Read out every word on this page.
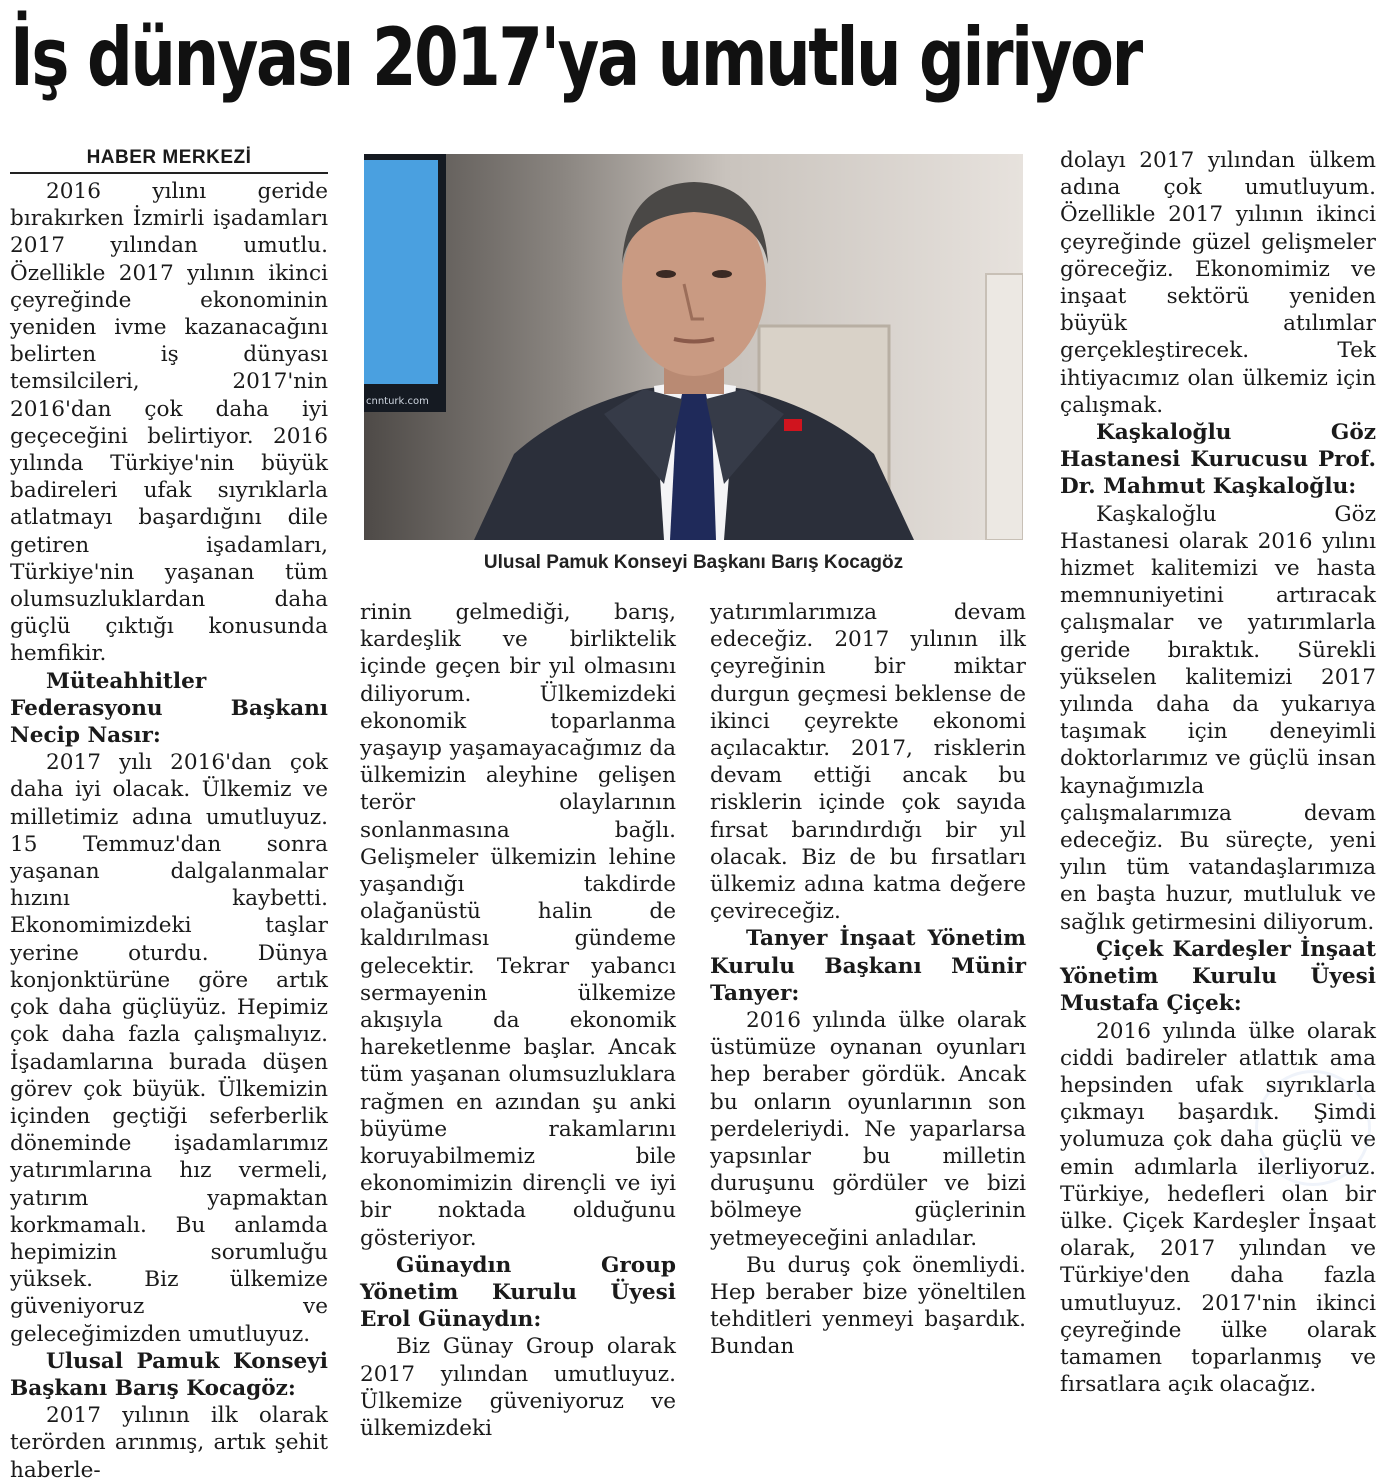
İş dünyası 2017'ya umutlu giriyor
HABER MERKEZİ

2016 yılını geride bırakırken İzmirli işadamları 2017 yılından umutlu. Özellikle 2017 yılının ikinci çeyreğinde ekonominin yeniden ivme kazanacağını belirten iş dünyası temsilcileri, 2017'nin 2016'dan çok daha iyi geçeceğini belirtiyor. 2016 yılında Türkiye'nin büyük badireleri ufak sıyrıklarla atlatmayı başardığını dile getiren işadamları, Türkiye'nin yaşanan tüm olumsuzluklardan daha güçlü çıktığı konusunda hemfikir.

Müteahhitler Federasyonu Başkanı Necip Nasır:

2017 yılı 2016'dan çok daha iyi olacak. Ülkemiz ve milletimiz adına umutluyuz. 15 Temmuz'dan sonra yaşanan dalgalanmalar hızını kaybetti. Ekonomimizdeki taşlar yerine oturdu. Dünya konjonktürüne göre artık çok daha güçlüyüz. Hepimiz çok daha fazla çalışmalıyız. İşadamlarına burada düşen görev çok büyük. Ülkemizin içinden geçtiği seferberlik döneminde işadamlarımız yatırımlarına hız vermeli, yatırım yapmaktan korkmamalı. Bu anlamda hepimizin sorumluğu yüksek. Biz ülkemize güveniyoruz ve geleceğimizden umutluyuz.

Ulusal Pamuk Konseyi Başkanı Barış Kocagöz:

2017 yılının ilk olarak terörden arınmış, artık şehit haberle-

cnnturk.com
Ulusal Pamuk Konseyi Başkanı Barış Kocagöz

rinin gelmediği, barış, kardeşlik ve birliktelik içinde geçen bir yıl olmasını diliyorum. Ülkemizdeki ekonomik toparlanma yaşayıp yaşamayacağımız da ülkemizin aleyhine gelişen terör olaylarının sonlanmasına bağlı. Gelişmeler ülkemizin lehine yaşandığı takdirde olağanüstü halin de kaldırılması gündeme gelecektir. Tekrar yabancı sermayenin ülkemize akışıyla da ekonomik hareketlenme başlar. Ancak tüm yaşanan olumsuzluklara rağmen en azından şu anki büyüme rakamlarını koruyabilmemiz bile ekonomimizin dirençli ve iyi bir noktada olduğunu gösteriyor.

Günaydın Group Yönetim Kurulu Üyesi Erol Günaydın:

Biz Günay Group olarak 2017 yılından umutluyuz. Ülkemize güveniyoruz ve ülkemizdeki

yatırımlarımıza devam edeceğiz. 2017 yılının ilk çeyreğinin bir miktar durgun geçmesi beklense de ikinci çeyrekte ekonomi açılacaktır. 2017, risklerin devam ettiği ancak bu risklerin içinde çok sayıda fırsat barındırdığı bir yıl olacak. Biz de bu fırsatları ülkemiz adına katma değere çevireceğiz.

Tanyer İnşaat Yönetim Kurulu Başkanı Münir Tanyer:

2016 yılında ülke olarak üstümüze oynanan oyunları hep beraber gördük. Ancak bu onların oyunlarının son perdeleriydi. Ne yaparlarsa yapsınlar bu milletin duruşunu gördüler ve bizi bölmeye güçlerinin yetmeyeceğini anladılar.

Bu duruş çok önemliydi. Hep beraber bize yöneltilen tehditleri yenmeyi başardık. Bundan

dolayı 2017 yılından ülkem adına çok umutluyum. Özellikle 2017 yılının ikinci çeyreğinde güzel gelişmeler göreceğiz. Ekonomimiz ve inşaat sektörü yeniden büyük atılımlar gerçekleştirecek. Tek ihtiyacımız olan ülkemiz için çalışmak.

Kaşkaloğlu Göz Hastanesi Kurucusu Prof. Dr. Mahmut Kaşkaloğlu:

Kaşkaloğlu Göz Hastanesi olarak 2016 yılını hizmet kalitemizi ve hasta memnuniyetini artıracak çalışmalar ve yatırımlarla geride bıraktık. Sürekli yükselen kalitemizi 2017 yılında daha da yukarıya taşımak için deneyimli doktorlarımız ve güçlü insan kaynağımızla çalışmalarımıza devam edeceğiz. Bu süreçte, yeni yılın tüm vatandaşlarımıza en başta huzur, mutluluk ve sağlık getirmesini diliyorum.

Çiçek Kardeşler İnşaat Yönetim Kurulu Üyesi Mustafa Çiçek:

2016 yılında ülke olarak ciddi badireler atlattık ama hepsinden ufak sıyrıklarla çıkmayı başardık. Şimdi yolumuza çok daha güçlü ve emin adımlarla ilerliyoruz. Türkiye, hedefleri olan bir ülke. Çiçek Kardeşler İnşaat olarak, 2017 yılından ve Türkiye'den daha fazla umutluyuz. 2017'nin ikinci çeyreğinde ülke olarak tamamen toparlanmış ve fırsatlara açık olacağız.
